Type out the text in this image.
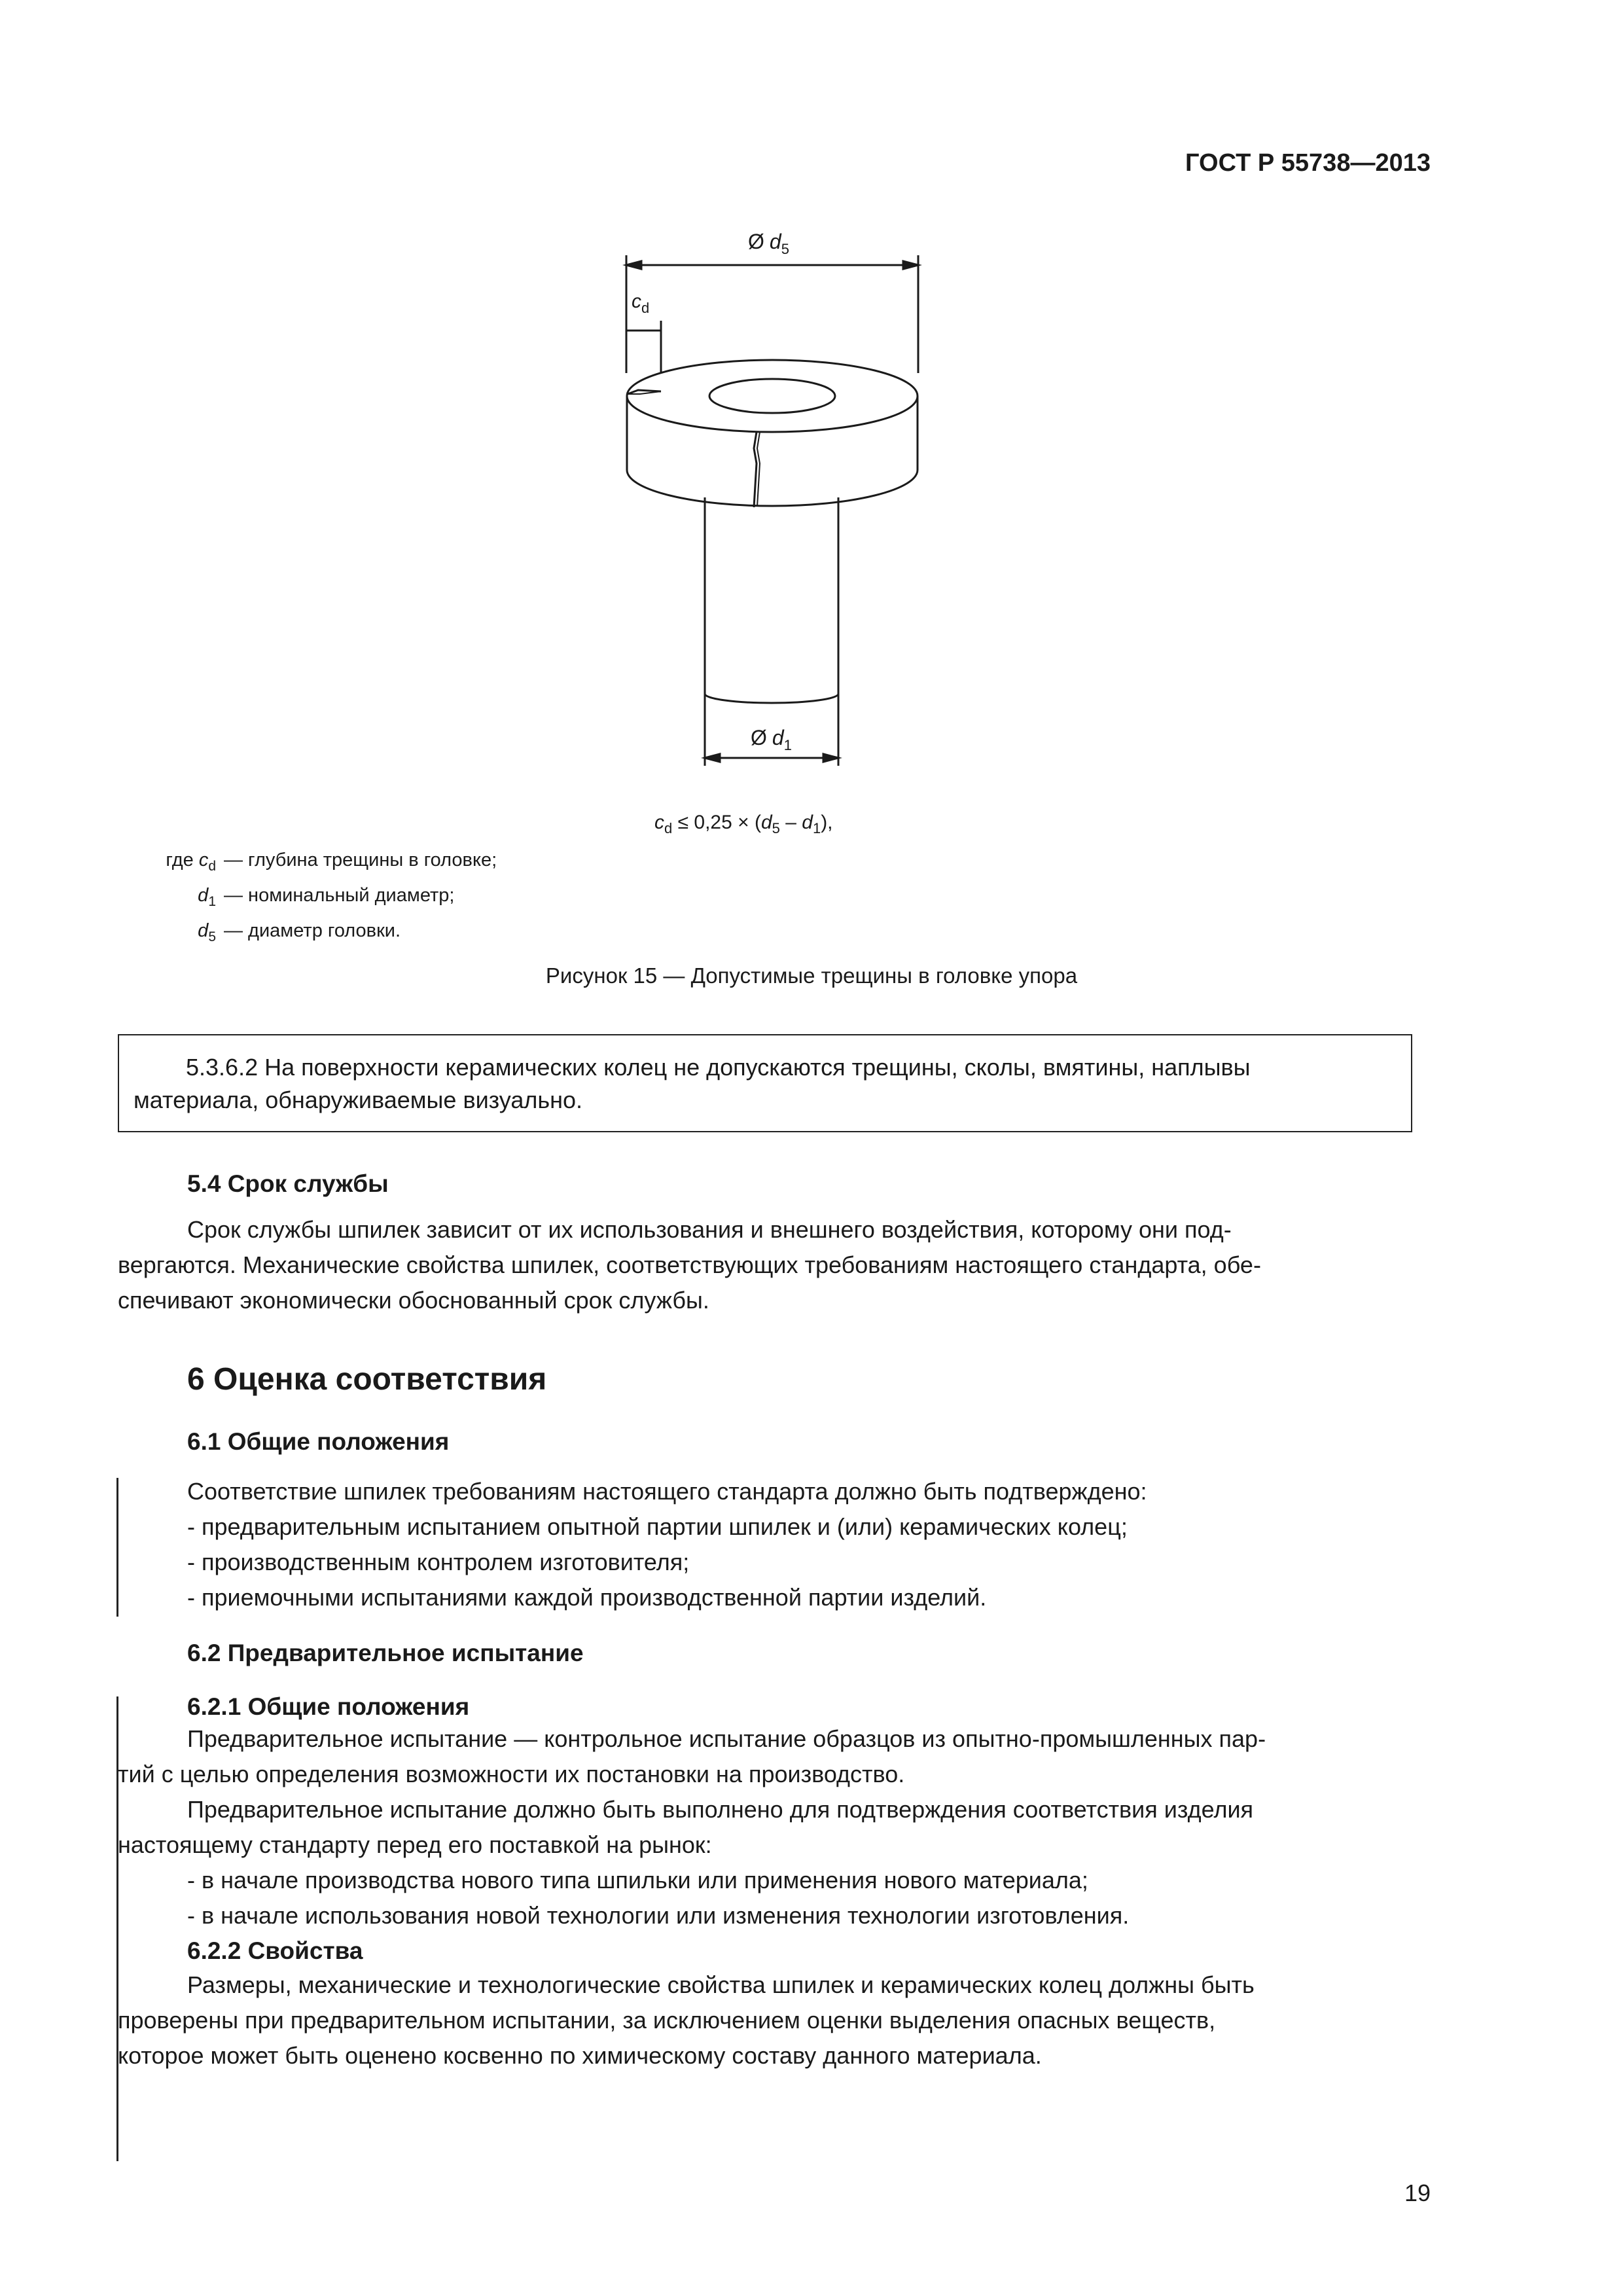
ГОСТ Р 55738—2013
Ø $d_5$
$c_d$
Ø $d_1$
$c_d \le 0,25 \times (d_5 - d_1)$,
где $c_d$ — глубина трещины в головке;
$d_1$ — номинальный диаметр;
$d_5$ — диаметр головки.
Рисунок 15 — Допустимые трещины в головке упора
5.3.6.2 На поверхности керамических колец не допускаются трещины, сколы, вмятины, наплывы
материала, обнаруживаемые визуально.
5.4 Срок службы
Срок службы шпилек зависит от их использования и внешнего воздействия, которому они под-
вергаются. Механические свойства шпилек, соответствующих требованиям настоящего стандарта, обе-
спечивают экономически обоснованный срок службы.
6 Оценка соответствия
6.1 Общие положения
Соответствие шпилек требованиям настоящего стандарта должно быть подтверждено:
- предварительным испытанием опытной партии шпилек и (или) керамических колец;
- производственным контролем изготовителя;
- приемочными испытаниями каждой производственной партии изделий.
6.2 Предварительное испытание
6.2.1 Общие положения
Предварительное испытание — контрольное испытание образцов из опытно-промышленных пар-
тий с целью определения возможности их постановки на производство.
Предварительное испытание должно быть выполнено для подтверждения соответствия изделия
настоящему стандарту перед его поставкой на рынок:
- в начале производства нового типа шпильки или применения нового материала;
- в начале использования новой технологии или изменения технологии изготовления.
6.2.2 Свойства
Размеры, механические и технологические свойства шпилек и керамических колец должны быть
проверены при предварительном испытании, за исключением оценки выделения опасных веществ,
которое может быть оценено косвенно по химическому составу данного материала.
19
